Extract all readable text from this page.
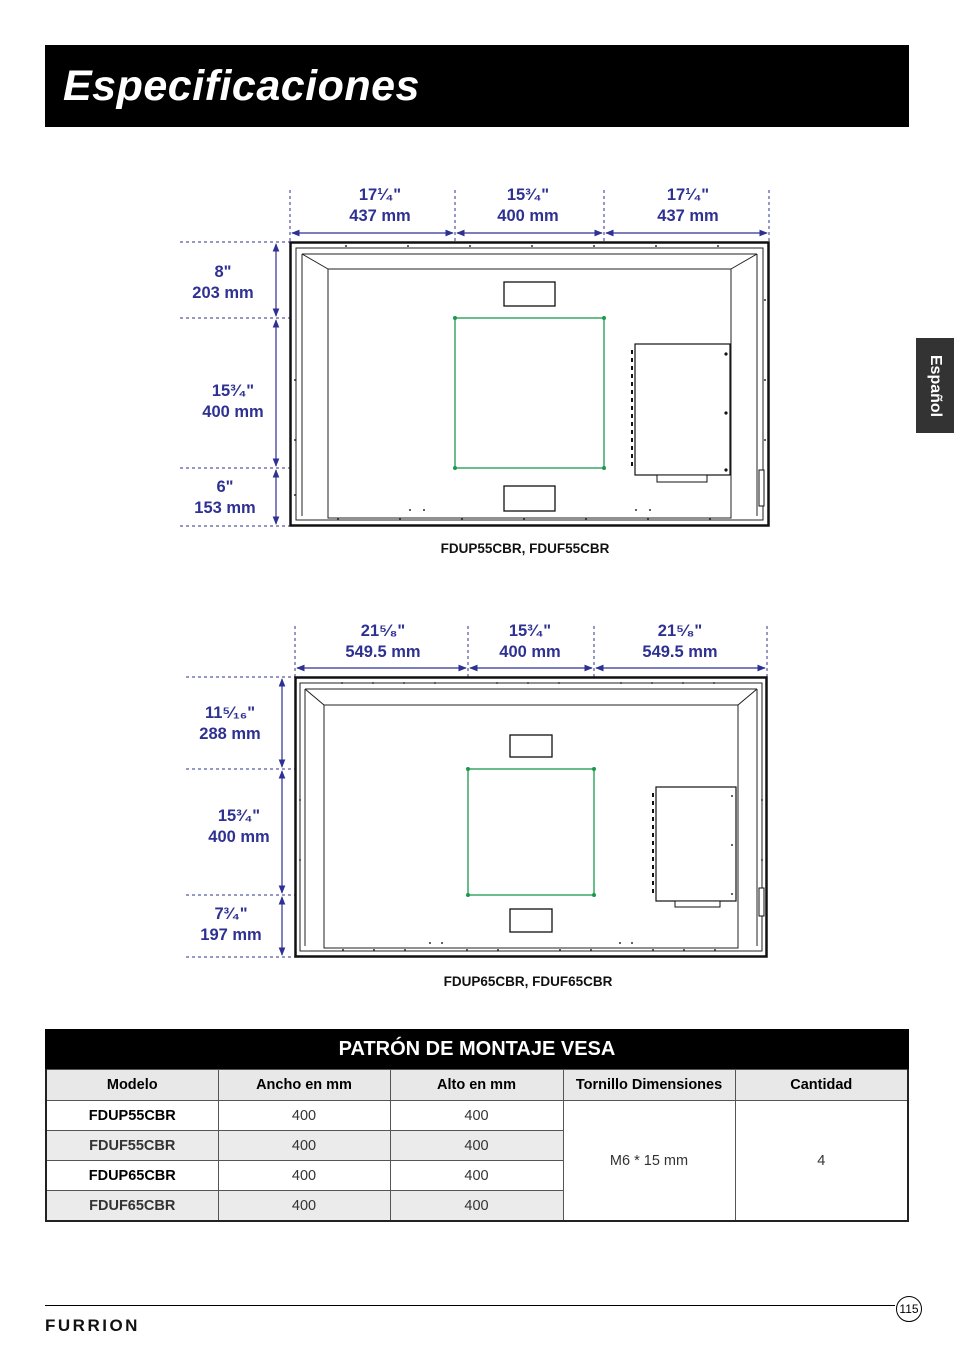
Especificaciones
Español
17¹⁄₄"
437 mm
15³⁄₄"
400 mm
17¹⁄₄"
437 mm
8"
203 mm
15³⁄₄"
400 mm
6"
153 mm
FDUP55CBR, FDUF55CBR
21⁵⁄₈"
549.5 mm
15³⁄₄"
400 mm
21⁵⁄₈"
549.5 mm
11⁵⁄₁₆"
288 mm
15³⁄₄"
400 mm
7³⁄₄"
197 mm
FDUP65CBR, FDUF65CBR
PATRÓN DE MONTAJE VESA
Modelo	Ancho en mm	Alto en mm	Tornillo Dimensiones	Cantidad
FDUP55CBR	400	400	M6 * 15 mm	4
FDUF55CBR	400	400		
FDUP65CBR	400	400		
FDUF65CBR	400	400		
115
FURRION
